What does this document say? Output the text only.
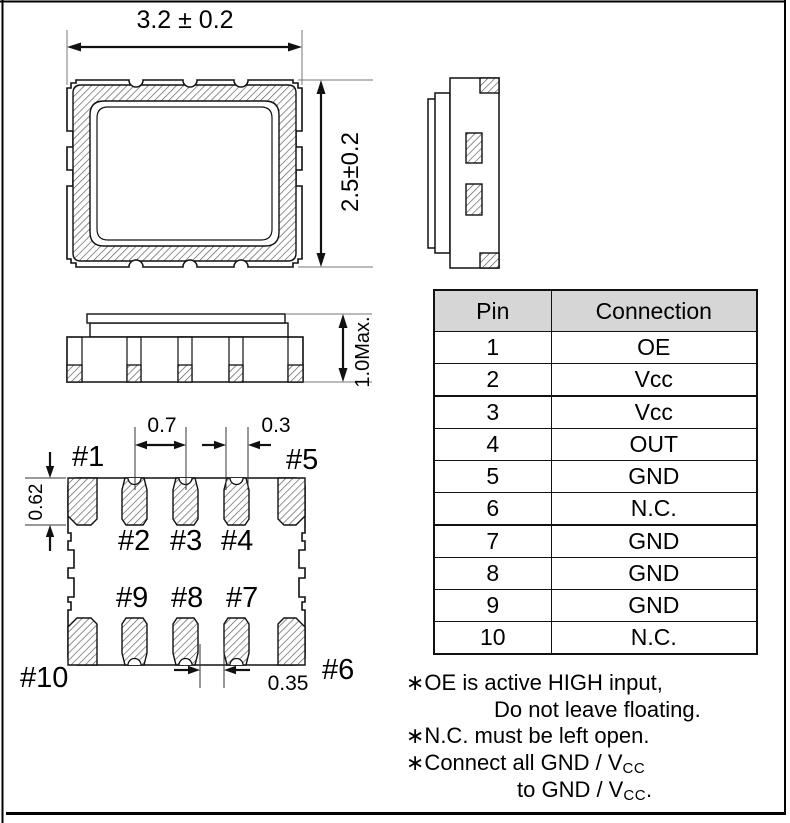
3.2 ± 0.2
2.5±0.2
1.0Max.
0.7	0.3
0.62
0.35
#1
#2 #3 #4
#5
#6
#7
#8
#9
#10
Pin	Connection
1	OE
2	Vcc
3	Vcc
4	OUT
5	GND
6	N.C.
7	GND
8	GND
9	GND
10	N.C.
∗OE is active HIGH input,
Do not leave floating.
∗N.C. must be left open.
∗Connect all GND / $V_{CC}$
to GND / $V_{CC}$.
